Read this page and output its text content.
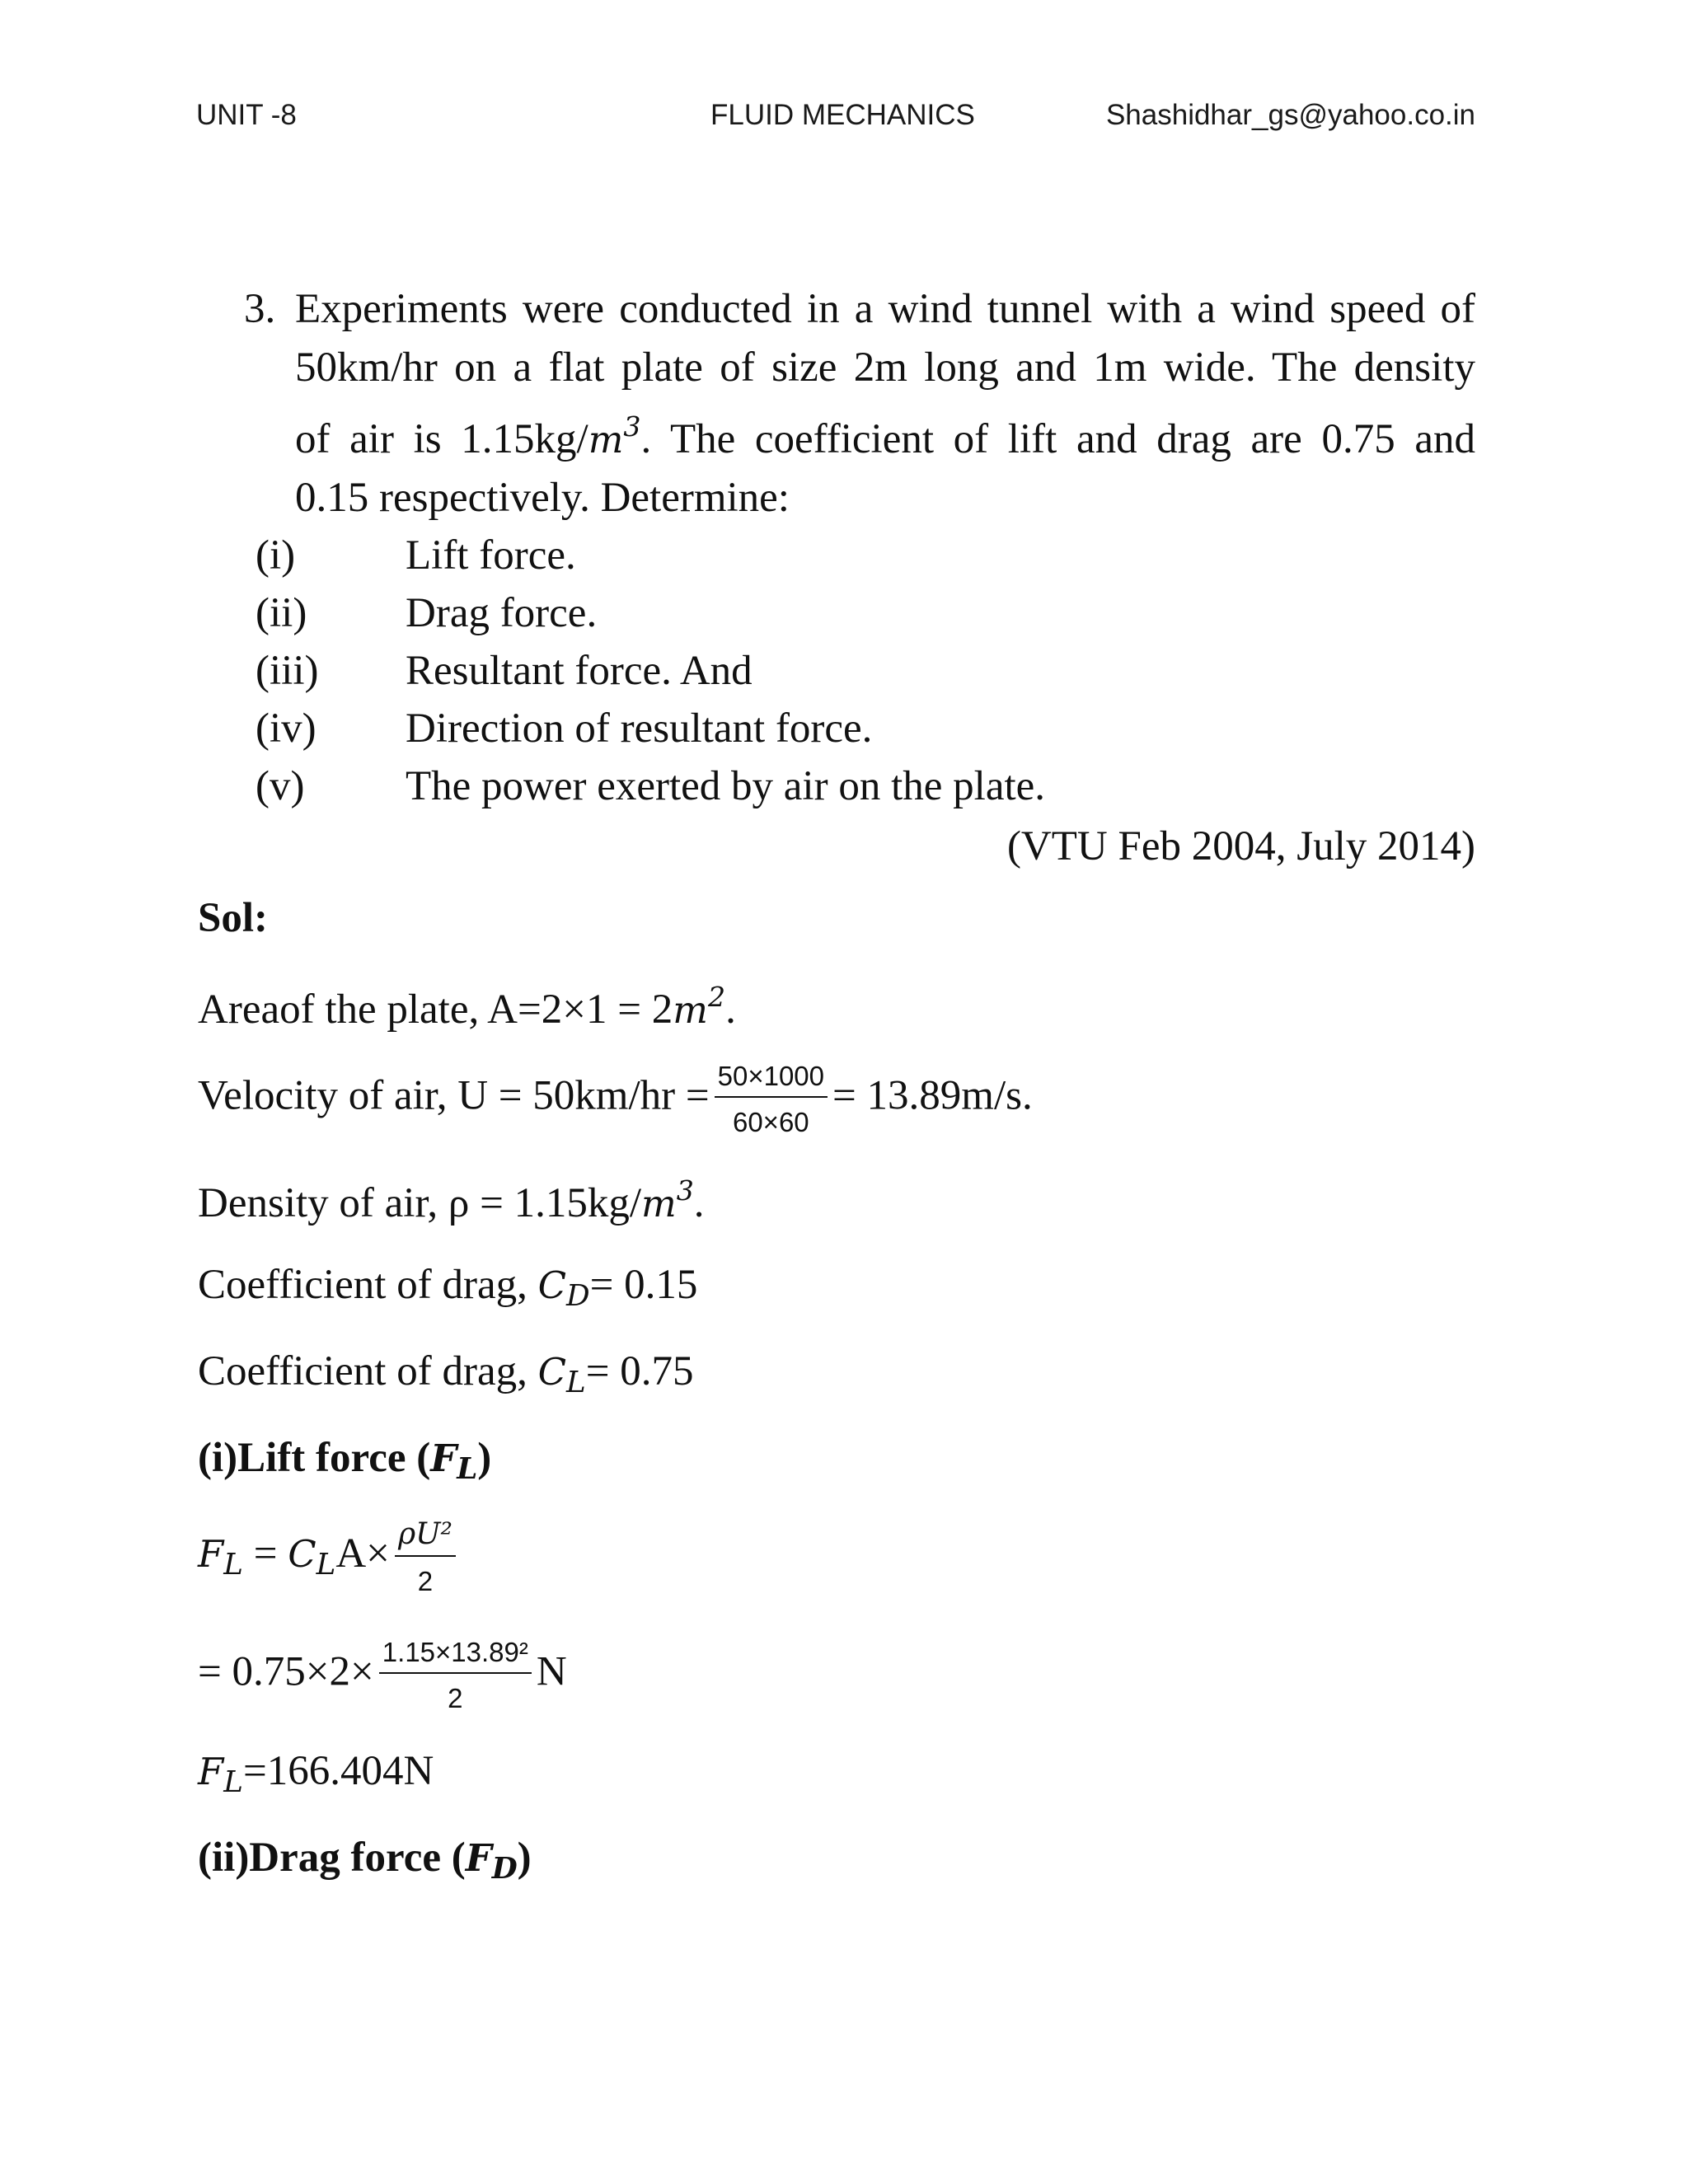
UNIT -8	FLUID MECHANICS	Shashidhar_gs@yahoo.co.in
3. Experiments were conducted in a wind tunnel with a wind speed of
50km/hr on a flat plate of size 2m long and 1m wide. The density
of air is $1.15kg/m^3$. The coefficient of lift and drag are 0.75 and
0.15 respectively. Determine:
(i)	Lift force.
(ii)	Drag force.
(iii)	Resultant force. And
(iv)	Direction of resultant force.
(v)	The power exerted by air on the plate.
(VTU Feb 2004, July 2014)
Sol:
Areaof the plate, $A=2\times 1 = 2m^2$.
Velocity of air, $U = 50km/hr = \frac{50\times 1000}{60\times 60} = 13.89m/s$.
Density of air, $\rho = 1.15kg/m^3$.
Coefficient of drag, $C_D= 0.15$
Coefficient of drag, $C_L= 0.75$
(i)Lift force $(F_L)$
$F_L = C_LA\times \frac{\text{ρU²}}{2}$
= $0.75\times 2\times \frac{\text{1.15×13.89²}}{2}$ N
$F_L=166.404N$
(ii)Drag force $(F_D)$
